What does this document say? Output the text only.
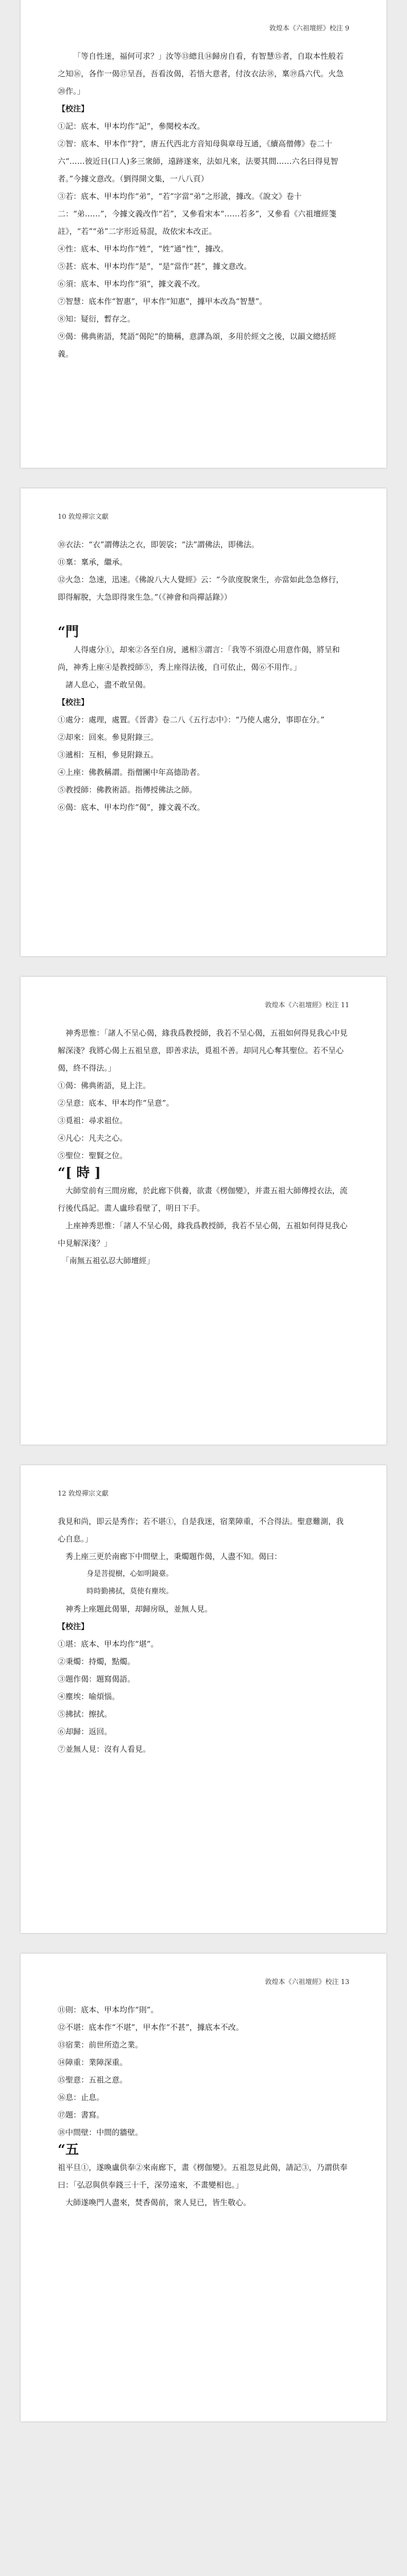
敦煌本《六祖壇經》校注 9

「等自性迷，福何可求？」汝等⑬總且⑭歸房自看，有智慧⑮者，自取本性般若之知⑯，各作一偈⑰呈吾，吾看汝偈，若悟大意者，付汝衣法⑱，稟⑲爲六代。火急⑳作。」

【校注】

①記：底本、甲本均作“記”，參閱校本改。

②智：底本、甲本作“狩”，唐五代西北方音知母與章母互通，《續高僧傳》卷二十六“……彼近日(口人)多三衆師，遠跡遂來，法如凡來，法要其間……六名曰得見智者。”今據文意改。（劉得開文集，一八八頁）

③若：底本、甲本均作“弟”，“若”字當“弟”之形訛，據改。《說文》卷十二：“弟……”，今據文義改作“若”，又參看宋本“……若多”，又參看《六祖壇經箋註》，“若”“弟”二字形近易混，故依宋本改正。

④性：底本、甲本均作“姓”，“姓”通“性”，據改。

⑤甚：底本、甲本均作“是”，“是”當作“甚”，據文意改。

⑥須：底本、甲本均作“須”，據文義不改。

⑦智慧：底本作“智惠”，甲本作“知惠”，據甲本改為“智慧”。

⑧知：疑衍，暫存之。

⑨偈：佛典術語，梵語“偈陀”的簡稱，意譯為頌，多用於經文之後，以韻文總括經義。

10 敦煌禪宗文獻

⑩衣法：“衣”謂傳法之衣，即袈裟；“法”謂佛法，即佛法。

⑪稟：稟承，繼承。

⑫火急：急速，迅速。《佛說八大人覺經》云：“今欲度脫衆生，亦當如此急急修行，即得解脫，大急即得衆生急。”（《神會和尚禪話錄》）

“門

人得處分①，却來②各至自房，遞相③謂言：「我等不須澄心用意作偈，將呈和尚，神秀上座④是教授師⑤，秀上座得法後，自可依止，偈⑥不用作。」

　諸人息心，盡不敢呈偈。

【校注】

①處分：處理，處置。《晉書》卷二八《五行志中》：“乃使人處分，事即在分。”

②却來：回來。參見附錄三。

③遞相：互相，參見附錄五。

④上座：佛教稱謂。指僧團中年高德劭者。

⑤教授師：佛教術語。指傳授佛法之師。

⑥偈：底本、甲本均作“偈”，據文義不改。

敦煌本《六祖壇經》校注 11

　神秀思惟：「諸人不呈心偈，緣我爲教授師，我若不呈心偈，五祖如何得見我心中見解深淺？我將心偈上五祖呈意，即善求法，覓祖不善。却同凡心奪其聖位。若不呈心偈，終不得法。」

①偈：佛典術語，見上注。

②呈意：底本、甲本均作“呈意”。

③覓祖：尋求祖位。

④凡心：凡夫之心。

⑤聖位：聖賢之位。

“[ 時 ]

　大師堂前有三間房廊，於此廊下供養，欲畫《楞伽變》，并畫五祖大師傳授衣法，流行後代爲記。畫人盧珍看壁了，明日下手。

　上座神秀思惟：「諸人不呈心偈，緣我爲教授師，我若不呈心偈，五祖如何得見我心中見解深淺？」

　「南無五祖弘忍大師壇經」

12 敦煌禪宗文獻

我見和尚，即云是秀作；若不堪①，自是我迷，宿業障重，不合得法。聖意難測，我心自息。」

　秀上座三更於南廊下中間壁上，秉燭題作偈，人盡不知。偈曰：

身是菩提樹，心如明鏡臺。

時時勤拂拭，莫使有塵埃。

　神秀上座題此偈畢，却歸房臥，並無人見。

【校注】

①堪：底本、甲本均作“堪”。

②秉燭：持燭，點燭。

③題作偈：題寫偈語。

④塵埃：喻煩惱。

⑤拂拭：擦拭。

⑥却歸：返回。

⑦並無人見：沒有人看見。

敦煌本《六祖壇經》校注 13

⑪則：底本、甲本均作“則”。

⑫不堪：底本作“不堪”，甲本作“不甚”，據底本不改。

⑬宿業：前世所造之業。

⑭障重：業障深重。

⑮聖意：五祖之意。

⑯息：止息。

⑰題：書寫。

⑱中間壁：中間的牆壁。

“五

祖平旦①，遂喚盧供奉②來南廊下，畫《楞伽變》。五祖忽見此偈，請記③，乃謂供奉曰：「弘忍與供奉錢三十千，深勞遠來，不畫變相也。」

　大師遂喚門人盡來，焚香偈前，衆人見已，皆生敬心。
